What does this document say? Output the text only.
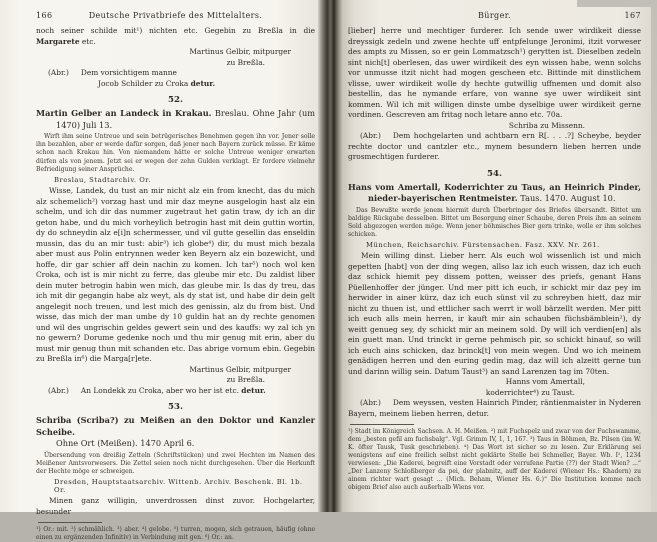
166	Deutsche Privatbriefe des Mittelalters.

noch seiner schilde mit¹) nichten etc. Gegebin zu Breßla in die Margarete etc.

Martinus Gelbir, mitpurger
zu Breßla.
(Abr.) Dem vorsichtigem manne
Jocob Schilder zu Croka detur.
52.

Martin Gelber an Landeck in Krakau. Breslau. Ohne Jahr (um 1470) Juli 13.

Wirft ihm seine Untreue und sein betrügerisches Benehmen gegen ihn vor. Jener solle ihn bezahlen, aber er werde dafür sorgen, daß jener nach Bayern zurück müsse. Er käme schon nach Krakau hin. Von niemandem hätte er solche Untreue weniger erwarten dürfen als von jenem. Jetzt sei er wegen der zehn Gulden verklagt. Er fordere vielmehr Befriedigung seiner Ansprüche.

Breslau, Stadtarchiv. Or.

Wisse, Landek, du tust an mir nicht alz ein from knecht, das du mich alz schemelich²) vorzag hast und mir daz meyne ausgelogin hast alz ein schelm, und ich dir das nummer zugetraut het gatin traw, dy ich an dir geton habe, und du mich vorheylich betrogin hast mit dein guttin wortin, dy do schneydin alz e[i]n schermesser, und vil gutte gesellin das enseldin mussin, das du an mir tust: abir³) ich globe⁴) dir, du must mich bezala aber must aus Polin entrynnen weder ken Beyern alz ein bozewicht, und hoffe, dir gar schier aff dein nachin zu komen. Ich tar⁵) noch wol ken Croka, och ist is mir nicht zu ferre, das gleube mir etc. Du zaldist liber dein muter betrogin habin wen mich, das gleube mir. Is das dy treu, das ich mit dir gegangin habe alz weyt, als dy stat ist, und habe dir dein gelt angelegit noch treuen, und lest mich des genissin, alz du from bist. Und wisse, das mich der man umbe dy 10 guldin hat an dy rechte genomen und wil des ungrischin geldes gewert sein und des kauffs: wy zal ich yn no gewern? Dorume gedenke noch und thu mir genug mit erin, aber du must mir genug thun mit schanden etc. Das abrige vornum ebin. Gegebin zu Breßla in⁶) die Marga[r]ete.

Martinus Gelbir, mitpurger
zu Breßla.
(Abr.) An Londekk zu Croka, aber wo her ist etc. detur.
53.

Schriba (Scriba?) zu Meißen an den Doktor und Kanzler Scheibe.

Ohne Ort (Meißen). 1470 April 6.

Übersendung von dreißig Zetteln (Schriftstücken) und zwei Hechten im Namen des Meißener Amtsvorwesers. Die Zettel seien noch nicht durchgesehen. Über die Herkunft der Hechte möge er schweigen.

Dresden, Hauptstaatsarchiv. Wittenb. Archiv. Beschenk. Bl. 1b. Or.

Minen ganz willigin, unverdrossen dinst zuvor. Hochgelarter, besunder

¹) Or.: mit. ²) schmählich. ³) aber. ⁴) gelobe. ⁵) turren, mogen, sich getrauen, häufig (ohne einen zu ergänzenden Infinitiv) in Verbindung mit gen. ⁶) Or.: an.

Bürger.	167

[lieber] herre und mechtiger furderer. Ich sende uwer wirdikeit diesse dreyssigk zedeln und zwene hechte uff entpfelunge Jeronimi, itzit vorweser des ampts zu Missen, so er gein Lommatzsch¹) gerytten ist. Dieselben zedeln sint nich[t] oberlesen, das uwer wirdikeit des eyn wissen habe, wenn solchs vor unmusse itzit nicht had mogen gescheen etc. Bittinde mit dinstlichem vlisse, uwer wirdikeit wolle dy hechte gutwillig uffnemen und domit also bestellin, das he nymande erfare, von wanne sye uwer wirdikeit sint kommen. Wil ich mit willigen dinste umbe dyselbige uwer wirdikeit gerne vordinen. Gescreven am fritag noch letare anno etc. 70a.

Schriba zu Missenn.
(Abr.) Dem hochgelarten und achtbarn ern R[. . . .?] Scheybe, beyder rechte doctor und cantzler etc., mynem besundern lieben herren unde grosmechtigen furderer.
54.

Hans vom Amertall, Koderrichter zu Taus, an Heinrich Pinder, nieder-bayerischen Rentmeister. Taus. 1470. August 10.

Das Bewußte werde jenem hiermit durch Überbringer des Briefes übersandt. Bittet um baldige Rückgabe desselben. Bittet um Besorgung einer Schaube, deren Preis ihm an seinem Sold abgezogen werden möge. Wenn jener böhmisches Bier gern trinke, wolle er ihm solches schicken.

München, Reichsarchiv. Fürstensachen. Fasz. XXV. Nr. 261.

Mein willing dinst. Lieber herr. Als euch wol wissenlich ist und mich gepetten [habt] von der ding wegen, allso laz ich euch wissen, daz ich euch daz schick hiemit pey dissem potten, weisser des priefs, genant Hans Püellenhoffer der jünger. Und mer pitt ich euch, ir schickt mir daz pey im herwider in ainer kürz, daz ich euch sünst vil zu schreyben hiett, daz mir nicht zu thuen ist, und ettlicher sach werrt ir woll bärzellt werden. Mer pitt ich euch alls mein herren, ir kauft mir ain schauben füchsbämblein²), dy weitt genueg sey, dy schickt mir an meinem sold. Dy will ich verdien[en] als ein guett man. Und trinckt ir gerne pehmisch pir, so schickt hinauf, so will ich euch ains schicken, daz brinck[t] von mein wegen. Und wo ich meinem genädigen herren und den euring gedin mag, daz will ich alzeitt gerne tun und darinn willig sein. Datum Taust³) an sand Larenzen tag im 70ten.

Hanns vom Amertall,
koderrichter⁴) zu Taust.
(Abr.) Dem weyssen, vesten Hainrich Pinder, räntienmaister in Nyderen Bayern, meinem lieben herren, detur.

¹) Stadt im Königreich Sachsen. A. H. Meißen. ²) mit Fuchspelz und zwar von der Fuchswamme, dem „besten gefil am fuchsbalg“. Vgl. Grimm IV, 1, 1, 167. ³) Taus in Böhmen, Bz. Pilsen (im W. K. öfter Tausk, Tusk geschrieben). ⁴) Das Wort ist sicher so zu lesen. Zur Erklärung sei wenigstens auf eine freilich selbst nicht geklärte Stelle bei Schmeller, Bayer. Wb. I², 1234 verwiesen: „Die Kaderei, begreift eine Vorstadt oder verrufene Partie (??) der Stadt Wien? ...“ „Der Lanzeny Schloßberger da pei, der plabnitz, auff der Kaderei (Wiener Hs.: Khadern) zu ainem richter wart gesagt ... (Mich. Beham, Wiener Hs. 6.)“ Die Institution komme nach obigem Brief also auch außerhalb Wiens vor.
